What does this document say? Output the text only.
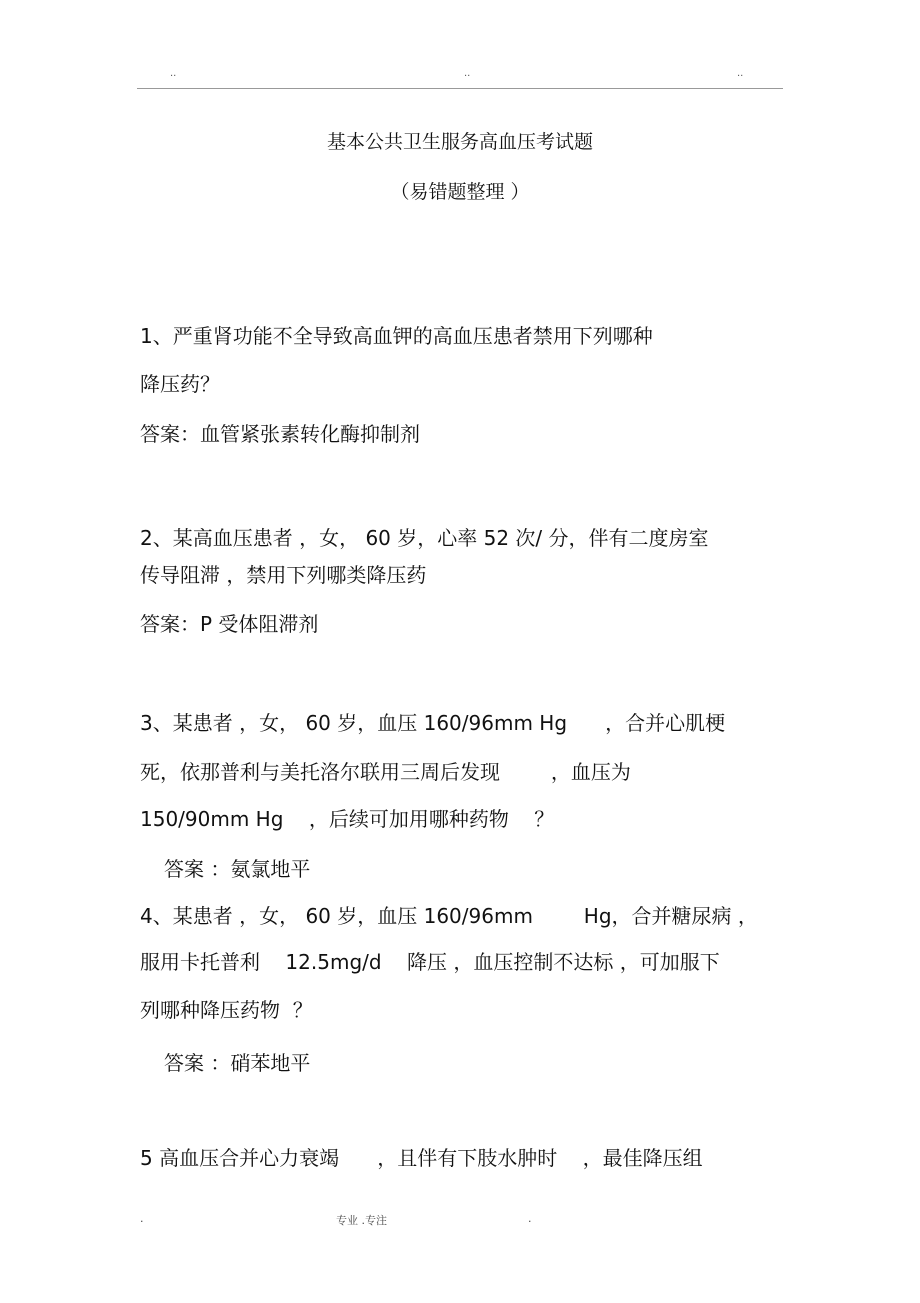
..	..	..
基本公共卫生服务高血压考试题
（易错题整理 ）
1、严重肾功能不全导致高血钾的高血压患者禁用下列哪种
降压药？
答案：血管紧张素转化酶抑制剂
2、某高血压患者 ，女， 60 岁，心率 52 次/ 分，伴有二度房室
传导阻滞 ，禁用下列哪类降压药
答案：P 受体阻滞剂
3、某患者 ，女， 60 岁，血压 160/96mm Hg      ，合并心肌梗
死，依那普利与美托洛尔联用三周后发现        ，血压为
150/90mm Hg    ，后续可加用哪种药物    ？
答案 ：氨氯地平
4、某患者 ，女， 60 岁，血压 160/96mm        Hg，合并糖尿病 ，
服用卡托普利    12.5mg/d    降压 ，血压控制不达标 ，可加服下
列哪种降压药物  ？
答案 ：硝苯地平
5 高血压合并心力衰竭      ，且伴有下肢水肿时    ，最佳降压组
.	专业 .专注	.
